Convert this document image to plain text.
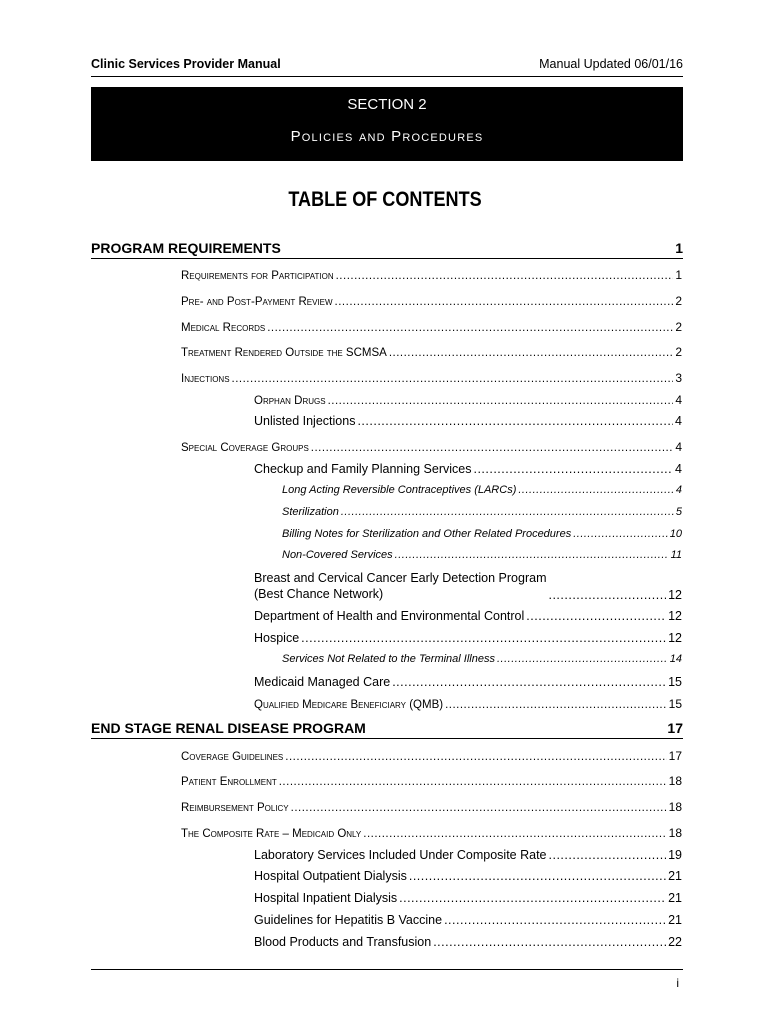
Clinic Services Provider Manual	Manual Updated 06/01/16
SECTION 2
Policies and Procedures
TABLE OF CONTENTS
PROGRAM REQUIREMENTS	1
Requirements for Participation .....	1
Pre- and Post-Payment Review .....	2
Medical Records .....	2
Treatment Rendered Outside the SCMSA .....	2
Injections .....	3
Orphan Drugs .....	4
Unlisted Injections .....	4
Special Coverage Groups .....	4
Checkup and Family Planning Services .....	4
Long Acting Reversible Contraceptives (LARCs) .....	4
Sterilization .....	5
Billing Notes for Sterilization and Other Related Procedures .....	10
Non-Covered Services .....	11
Breast and Cervical Cancer Early Detection Program
(Best Chance Network) .....	12
Department of Health and Environmental Control .....	12
Hospice .....	12
Services Not Related to the Terminal Illness .....	14
Medicaid Managed Care .....	15
Qualified Medicare Beneficiary (QMB) .....	15
END STAGE RENAL DISEASE PROGRAM	17
Coverage Guidelines .....	17
Patient Enrollment .....	18
Reimbursement Policy .....	18
The Composite Rate – Medicaid Only .....	18
Laboratory Services Included Under Composite Rate .....	19
Hospital Outpatient Dialysis .....	21
Hospital Inpatient Dialysis .....	21
Guidelines for Hepatitis B Vaccine .....	21
Blood Products and Transfusion .....	22
i
